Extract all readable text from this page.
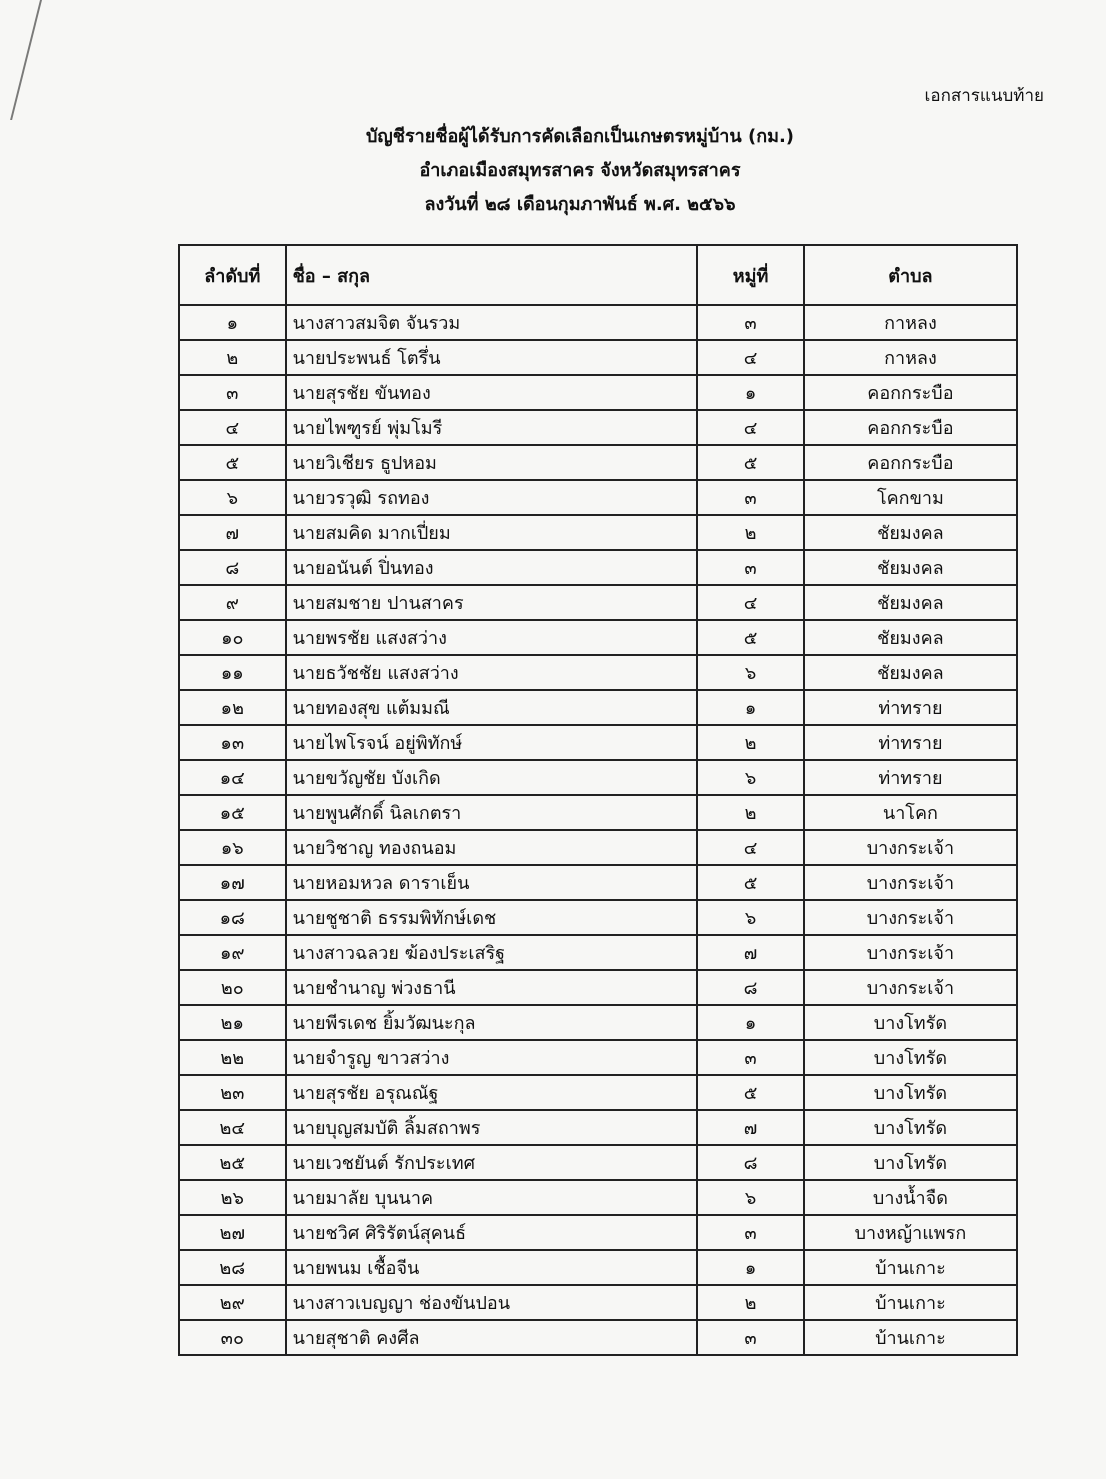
เอกสารแนบท้าย
บัญชีรายชื่อผู้ได้รับการคัดเลือกเป็นเกษตรหมู่บ้าน (กม.)
อำเภอเมืองสมุทรสาคร จังหวัดสมุทรสาคร
ลงวันที่ ๒๘ เดือนกุมภาพันธ์ พ.ศ. ๒๕๖๖
ลำดับที่	ชื่อ – สกุล	หมู่ที่	ตำบล
๑	นางสาวสมจิต จันรวม	๓	กาหลง
๒	นายประพนธ์ โตรึ่น	๔	กาหลง
๓	นายสุรชัย ขันทอง	๑	คอกกระบือ
๔	นายไพฑูรย์ พุ่มโมรี	๔	คอกกระบือ
๕	นายวิเชียร ธูปหอม	๕	คอกกระบือ
๖	นายวรวุฒิ รถทอง	๓	โคกขาม
๗	นายสมคิด มากเปี่ยม	๒	ชัยมงคล
๘	นายอนันต์ ปิ่นทอง	๓	ชัยมงคล
๙	นายสมชาย ปานสาคร	๔	ชัยมงคล
๑๐	นายพรชัย แสงสว่าง	๕	ชัยมงคล
๑๑	นายธวัชชัย แสงสว่าง	๖	ชัยมงคล
๑๒	นายทองสุข แต้มมณี	๑	ท่าทราย
๑๓	นายไพโรจน์ อยู่พิทักษ์	๒	ท่าทราย
๑๔	นายขวัญชัย บังเกิด	๖	ท่าทราย
๑๕	นายพูนศักดิ์ นิลเกตรา	๒	นาโคก
๑๖	นายวิชาญ ทองถนอม	๔	บางกระเจ้า
๑๗	นายหอมหวล ดาราเย็น	๕	บางกระเจ้า
๑๘	นายชูชาติ ธรรมพิทักษ์เดช	๖	บางกระเจ้า
๑๙	นางสาวฉลวย ฆ้องประเสริฐ	๗	บางกระเจ้า
๒๐	นายชำนาญ พ่วงธานี	๘	บางกระเจ้า
๒๑	นายพีรเดช ยิ้มวัฒนะกุล	๑	บางโทรัด
๒๒	นายจำรูญ ขาวสว่าง	๓	บางโทรัด
๒๓	นายสุรชัย อรุณณัฐ	๕	บางโทรัด
๒๔	นายบุญสมบัติ ลิ้มสถาพร	๗	บางโทรัด
๒๕	นายเวชยันต์ รักประเทศ	๘	บางโทรัด
๒๖	นายมาลัย บุนนาค	๖	บางน้ำจืด
๒๗	นายชวิศ ศิริรัตน์สุคนธ์	๓	บางหญ้าแพรก
๒๘	นายพนม เชื้อจีน	๑	บ้านเกาะ
๒๙	นางสาวเบญญา ช่องขันปอน	๒	บ้านเกาะ
๓๐	นายสุชาติ คงศีล	๓	บ้านเกาะ
